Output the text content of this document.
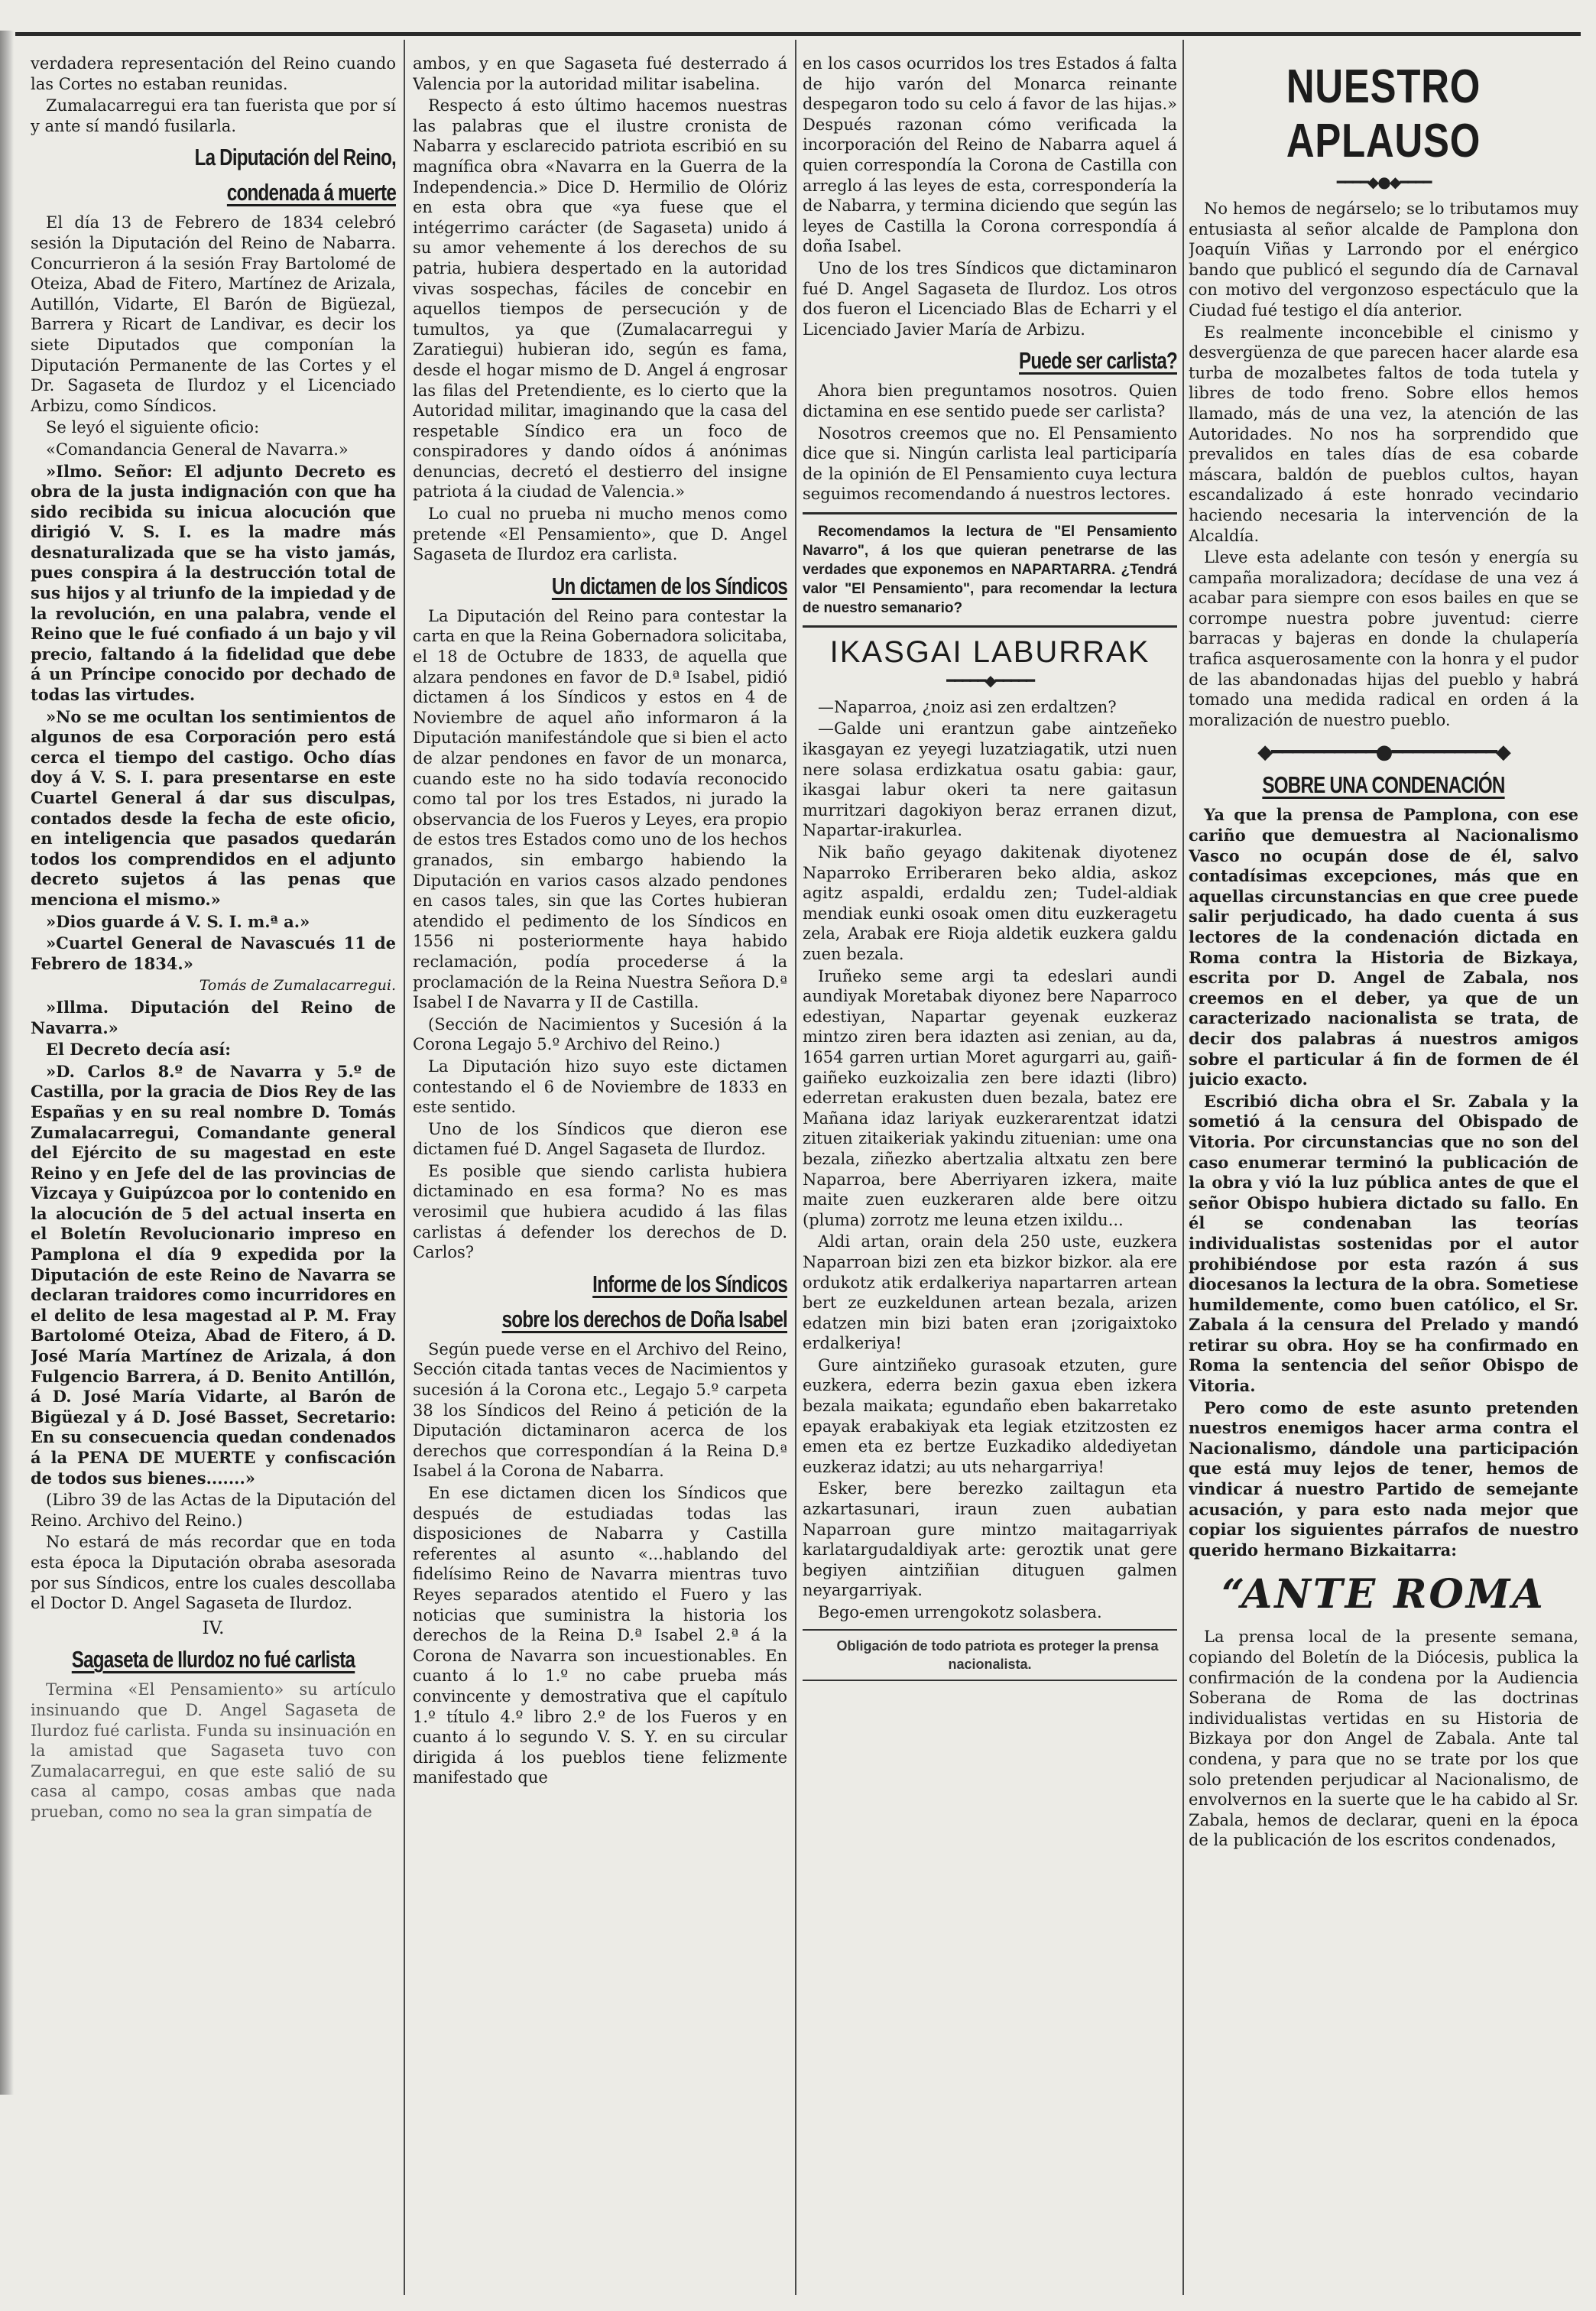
verdadera representación del Reino cuando las Cortes no estaban reunidas.

Zumalacarregui era tan fuerista que por sí y ante sí mandó fusilarla.

La Diputación del Reino,
condenada á muerte

El día 13 de Febrero de 1834 celebró sesión la Diputación del Reino de Nabarra. Concurrieron á la sesión Fray Bartolomé de Oteiza, Abad de Fitero, Martínez de Arizala, Autillón, Vidarte, El Barón de Bigüezal, Barrera y Ricart de Landivar, es decir los siete Diputados que componían la Diputación Permanente de las Cortes y el Dr. Sagaseta de Ilurdoz y el Licenciado Arbizu, como Síndicos.

Se leyó el siguiente oficio:

«Comandancia General de Navarra.»

»Ilmo. Señor: El adjunto Decreto es obra de la justa indignación con que ha sido recibida su inicua alocución que dirigió V. S. I. es la madre más desnaturalizada que se ha visto jamás, pues conspira á la destrucción total de sus hijos y al triunfo de la impiedad y de la revolución, en una palabra, vende el Reino que le fué confiado á un bajo y vil precio, faltando á la fidelidad que debe á un Príncipe conocido por dechado de todas las virtudes.

»No se me ocultan los sentimientos de algunos de esa Corporación pero está cerca el tiempo del castigo. Ocho días doy á V. S. I. para presentarse en este Cuartel General á dar sus disculpas, contados desde la fecha de este oficio, en inteligencia que pasados quedarán todos los comprendidos en el adjunto decreto sujetos á las penas que menciona el mismo.»

»Dios guarde á V. S. I. m.ª a.»

»Cuartel General de Navascués 11 de Febrero de 1834.»

Tomás de Zumalacarregui.

»Illma. Diputación del Reino de Navarra.»

El Decreto decía así:

»D. Carlos 8.º de Navarra y 5.º de Castilla, por la gracia de Dios Rey de las Españas y en su real nombre D. Tomás Zumalacarregui, Comandante general del Ejército de su magestad en este Reino y en Jefe del de las provincias de Vizcaya y Guipúzcoa por lo contenido en la alocución de 5 del actual inserta en el Boletín Revolucionario impreso en Pamplona el día 9 expedida por la Diputación de este Reino de Navarra se declaran traidores como incurridores en el delito de lesa magestad al P. M. Fray Bartolomé Oteiza, Abad de Fitero, á D. José María Martínez de Arizala, á don Fulgencio Barrera, á D. Benito Antillón, á D. José María Vidarte, al Barón de Bigüezal y á D. José Basset, Secretario: En su consecuencia quedan condenados á la PENA DE MUERTE y confiscación de todos sus bienes.......»

(Libro 39 de las Actas de la Diputación del Reino. Archivo del Reino.)

No estará de más recordar que en toda esta época la Diputación obraba asesorada por sus Síndicos, entre los cuales descollaba el Doctor D. Angel Sagaseta de Ilurdoz.

IV.

Sagaseta de Ilurdoz no fué carlista

Termina «El Pensamiento» su artículo insinuando que D. Angel Sagaseta de Ilurdoz fué carlista. Funda su insinuación en la amistad que Sagaseta tuvo con Zumalacarregui, en que este salió de su casa al campo, cosas ambas que nada prueban, como no sea la gran simpatía de

ambos, y en que Sagaseta fué desterrado á Valencia por la autoridad militar isabelina.

Respecto á esto último hacemos nuestras las palabras que el ilustre cronista de Nabarra y esclarecido patriota escribió en su magnífica obra «Navarra en la Guerra de la Independencia.» Dice D. Hermilio de Olóriz en esta obra que «ya fuese que el intégerrimo carácter (de Sagaseta) unido á su amor vehemente á los derechos de su patria, hubiera despertado en la autoridad vivas sospechas, fáciles de concebir en aquellos tiempos de persecución y de tumultos, ya que (Zumalacarregui y Zaratiegui) hubieran ido, según es fama, desde el hogar mismo de D. Angel á engrosar las filas del Pretendiente, es lo cierto que la Autoridad militar, imaginando que la casa del respetable Síndico era un foco de conspiradores y dando oídos á anónimas denuncias, decretó el destierro del insigne patriota á la ciudad de Valencia.»

Lo cual no prueba ni mucho menos como pretende «El Pensamiento», que D. Angel Sagaseta de Ilurdoz era carlista.

Un dictamen de los Síndicos

La Diputación del Reino para contestar la carta en que la Reina Gobernadora solicitaba, el 18 de Octubre de 1833, de aquella que alzara pendones en favor de D.ª Isabel, pidió dictamen á los Síndicos y estos en 4 de Noviembre de aquel año informaron á la Diputación manifestándole que si bien el acto de alzar pendones en favor de un monarca, cuando este no ha sido todavía reconocido como tal por los tres Estados, ni jurado la observancia de los Fueros y Leyes, era propio de estos tres Estados como uno de los hechos granados, sin embargo habiendo la Diputación en varios casos alzado pendones en casos tales, sin que las Cortes hubieran atendido el pedimento de los Síndicos en 1556 ni posteriormente haya habido reclamación, podía procederse á la proclamación de la Reina Nuestra Señora D.ª Isabel I de Navarra y II de Castilla.

(Sección de Nacimientos y Sucesión á la Corona Legajo 5.º Archivo del Reino.)

La Diputación hizo suyo este dictamen contestando el 6 de Noviembre de 1833 en este sentido.

Uno de los Síndicos que dieron ese dictamen fué D. Angel Sagaseta de Ilurdoz.

Es posible que siendo carlista hubiera dictaminado en esa forma? No es mas verosimil que hubiera acudido á las filas carlistas á defender los derechos de D. Carlos?

Informe de los Síndicos
sobre los derechos de Doña Isabel

Según puede verse en el Archivo del Reino, Sección citada tantas veces de Nacimientos y sucesión á la Corona etc., Legajo 5.º carpeta 38 los Síndicos del Reino á petición de la Diputación dictaminaron acerca de los derechos que correspondían á la Reina D.ª Isabel á la Corona de Nabarra.

En ese dictamen dicen los Síndicos que después de estudiadas todas las disposiciones de Nabarra y Castilla referentes al asunto «...hablando del fidelísimo Reino de Navarra mientras tuvo Reyes separados atentido el Fuero y las noticias que suministra la historia los derechos de la Reina D.ª Isabel 2.ª á la Corona de Navarra son incuestionables. En cuanto á lo 1.º no cabe prueba más convincente y demostrativa que el capítulo 1.º título 4.º libro 2.º de los Fueros y en cuanto á lo segundo V. S. Y. en su circular dirigida á los pueblos tiene felizmente manifestado que

en los casos ocurridos los tres Estados á falta de hijo varón del Monarca reinante despegaron todo su celo á favor de las hijas.» Después razonan cómo verificada la incorporación del Reino de Nabarra aquel á quien correspondía la Corona de Castilla con arreglo á las leyes de esta, correspondería la de Nabarra, y termina diciendo que según las leyes de Castilla la Corona correspondía á doña Isabel.

Uno de los tres Síndicos que dictaminaron fué D. Angel Sagaseta de Ilurdoz. Los otros dos fueron el Licenciado Blas de Echarri y el Licenciado Javier María de Arbizu.

Puede ser carlista?

Ahora bien preguntamos nosotros. Quien dictamina en ese sentido puede ser carlista?

Nosotros creemos que no. El Pensamiento dice que si. Ningún carlista leal participaría de la opinión de El Pensamiento cuya lectura seguimos recomendando á nuestros lectores.

Recomendamos la lectura de "El Pensamiento Navarro", á los que quieran penetrarse de las verdades que exponemos en NAPARTARRA. ¿Tendrá valor "El Pensamiento", para recomendar la lectura de nuestro semanario?

IKASGAI LABURRAK
━━━━━◆━━━━━

—Naparroa, ¿noiz asi zen erdaltzen?

—Galde uni erantzun gabe aintzeñeko ikasgayan ez yeyegi luzatziagatik, utzi nuen nere solasa erdizkatua osatu gabia: gaur, ikasgai labur okeri ta nere gaitasun murritzari dagokiyon beraz erranen dizut, Napartar-irakurlea.

Nik baño geyago dakitenak diyotenez Naparroko Erriberaren beko aldia, askoz agitz aspaldi, erdaldu zen; Tudel-aldiak mendiak eunki osoak omen ditu euzkeragetu zela, Arabak ere Rioja aldetik euzkera galdu zuen bezala.

Iruñeko seme argi ta edeslari aundi aundiyak Moretabak diyonez bere Naparroco edestiyan, Napartar geyenak euzkeraz mintzo ziren bera idazten asi zenian, au da, 1654 garren urtian Moret agurgarri au, gaiñ-gaiñeko euzkoizalia zen bere idazti (libro) ederretan erakusten duen bezala, batez ere Mañana idaz lariyak euzkerarentzat idatzi zituen zitaikeriak yakindu zituenian: ume ona bezala, ziñezko abertzalia altxatu zen bere Naparroa, bere Aberriyaren izkera, maite maite zuen euzkeraren alde bere oitzu (pluma) zorrotz me leuna etzen ixildu...

Aldi artan, orain dela 250 uste, euzkera Naparroan bizi zen eta bizkor bizkor. ala ere ordukotz atik erdalkeriya napartarren artean bert ze euzkeldunen artean bezala, arizen edatzen min bizi baten eran ¡zorigaixtoko erdalkeriya!

Gure aintziñeko gurasoak etzuten, gure euzkera, ederra bezin gaxua eben izkera bezala maikata; egundaño eben bakarretako epayak erabakiyak eta legiak etzitzosten ez emen eta ez bertze Euzkadiko aldediyetan euzkeraz idatzi; au uts nehargarriya!

Esker, bere berezko zailtagun eta azkartasunari, iraun zuen aubatian Naparroan gure mintzo maitagarriyak karlatargudaldiyak arte: geroztik unat gere begiyen aintziñian dituguen galmen neyargarriyak.

Bego-emen urrengokotz solasbera.

Obligación de todo patriota es proteger la prensa nacionalista.

NUESTRO APLAUSO
━━━━◆●◆━━━━

No hemos de negárselo; se lo tributamos muy entusiasta al señor alcalde de Pamplona don Joaquín Viñas y Larrondo por el enérgico bando que publicó el segundo día de Carnaval con motivo del vergonzoso espectáculo que la Ciudad fué testigo el día anterior.

Es realmente inconcebible el cinismo y desvergüenza de que parecen hacer alarde esa turba de mozalbetes faltos de toda tutela y libres de todo freno. Sobre ellos hemos llamado, más de una vez, la atención de las Autoridades. No nos ha sorprendido que prevalidos en tales días de esa cobarde máscara, baldón de pueblos cultos, hayan escandalizado á este honrado vecindario haciendo necesaria la intervención de la Alcaldía.

Lleve esta adelante con tesón y energía su campaña moralizadora; decídase de una vez á acabar para siempre con esos bailes en que se corrompe nuestra pobre juventud: cierre barracas y bajeras en donde la chulapería trafica asquerosamente con la honra y el pudor de las abandonadas hijas del pueblo y habrá tomado una medida radical en orden á la moralización de nuestro pueblo.

◆━━━━━━━━━━●━━━━━━━━━━◆
SOBRE UNA CONDENACIÓN

Ya que la prensa de Pamplona, con ese cariño que demuestra al Nacionalismo Vasco no ocupán dose de él, salvo contadísimas excepciones, más que en aquellas circunstancias en que cree puede salir perjudicado, ha dado cuenta á sus lectores de la condenación dictada en Roma contra la Historia de Bizkaya, escrita por D. Angel de Zabala, nos creemos en el deber, ya que de un caracterizado nacionalista se trata, de decir dos palabras á nuestros amigos sobre el particular á fin de formen de él juicio exacto.

Escribió dicha obra el Sr. Zabala y la sometió á la censura del Obispado de Vitoria. Por circunstancias que no son del caso enumerar terminó la publicación de la obra y vió la luz pública antes de que el señor Obispo hubiera dictado su fallo. En él se condenaban las teorías individualistas sostenidas por el autor prohibiéndose por esta razón á sus diocesanos la lectura de la obra. Sometiese humildemente, como buen católico, el Sr. Zabala á la censura del Prelado y mandó retirar su obra. Hoy se ha confirmado en Roma la sentencia del señor Obispo de Vitoria.

Pero como de este asunto pretenden nuestros enemigos hacer arma contra el Nacionalismo, dándole una participación que está muy lejos de tener, hemos de vindicar á nuestro Partido de semejante acusación, y para esto nada mejor que copiar los siguientes párrafos de nuestro querido hermano Bizkaitarra:

“ANTE ROMA

La prensa local de la presente semana, copiando del Boletín de la Diócesis, publica la confirmación de la condena por la Audiencia Soberana de Roma de las doctrinas individualistas vertidas en su Historia de Bizkaya por don Angel de Zabala. Ante tal condena, y para que no se trate por los que solo pretenden perjudicar al Nacionalismo, de envolvernos en la suerte que le ha cabido al Sr. Zabala, hemos de declarar, queni en la época de la publicación de los escritos condenados,
